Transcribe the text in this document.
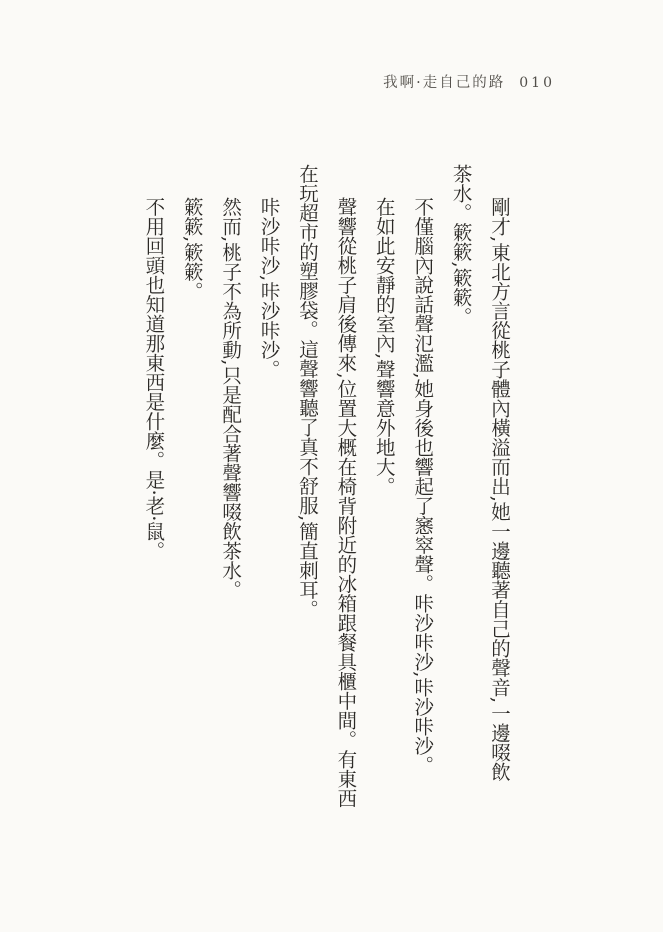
我啊·走自己的路 010
剛才,東北方言從桃子體內橫溢而出,她一邊聽著自己的聲音,一邊啜飲
茶水。簌簌,簌簌。
不僅腦內說話聲氾濫,她身後也響起了窸窣聲。咔沙咔沙,咔沙咔沙。
在如此安靜的室內,聲響意外地大。
聲響從桃子肩後傳來,位置大概在椅背附近的冰箱跟餐具櫃中間。有東西
在玩超市的塑膠袋。這聲響聽了真不舒服,簡直刺耳。
咔沙咔沙,咔沙咔沙。
然而,桃子不為所動,只是配合著聲響啜飲茶水。
簌簌,簌簌。
不用回頭也知道那東西是什麼。是·老·鼠。
